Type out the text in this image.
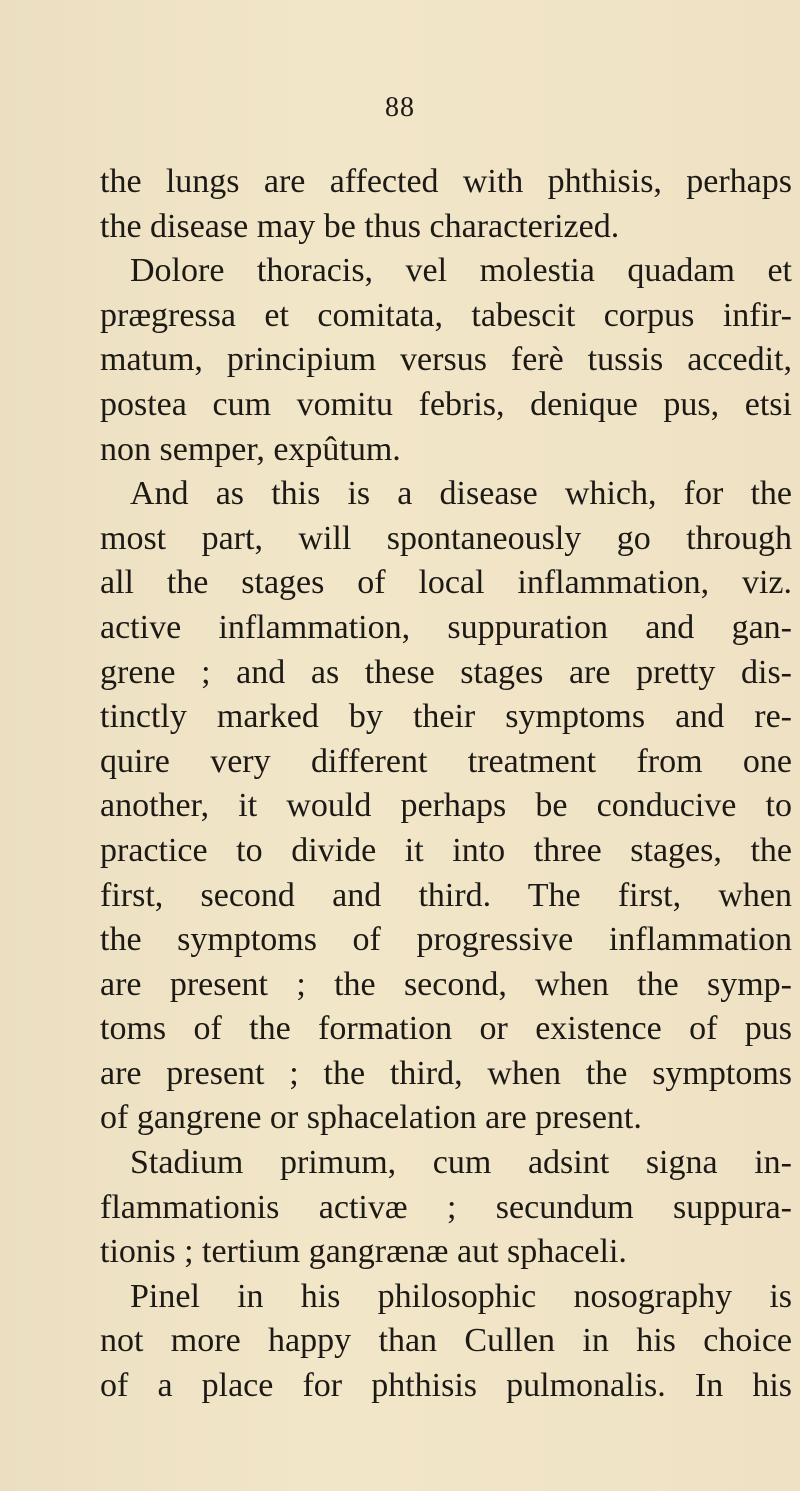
88
the lungs are affected with phthisis, perhaps
the disease may be thus characterized.
Dolore thoracis, vel molestia quadam et
prægressa et comitata, tabescit corpus infir-
matum, principium versus ferè tussis accedit,
postea cum vomitu febris, denique pus, etsi
non semper, expûtum.
And as this is a disease which, for the
most part, will spontaneously go through
all the stages of local inflammation, viz.
active inflammation, suppuration and gan-
grene ; and as these stages are pretty dis-
tinctly marked by their symptoms and re-
quire very different treatment from one
another, it would perhaps be conducive to
practice to divide it into three stages, the
first, second and third. The first, when
the symptoms of progressive inflammation
are present ; the second, when the symp-
toms of the formation or existence of pus
are present ; the third, when the symptoms
of gangrene or sphacelation are present.
Stadium primum, cum adsint signa in-
flammationis activæ ; secundum suppura-
tionis ; tertium gangrænæ aut sphaceli.
Pinel in his philosophic nosography is
not more happy than Cullen in his choice
of a place for phthisis pulmonalis. In his
